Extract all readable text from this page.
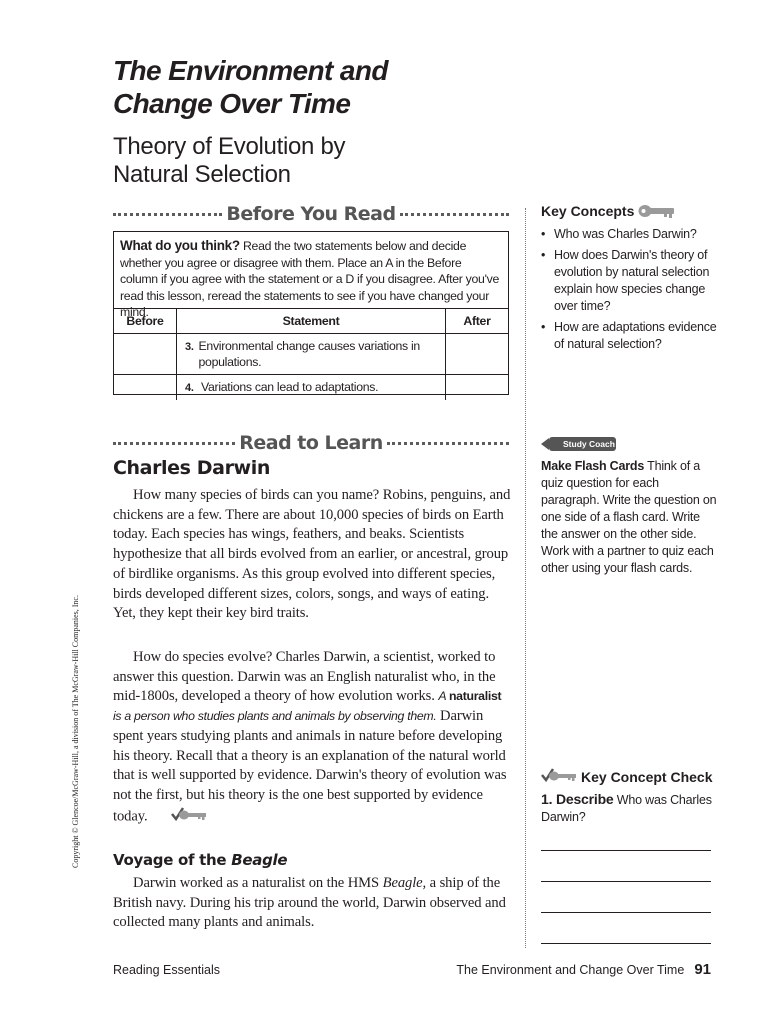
The Environment and
Change Over Time
Theory of Evolution by
Natural Selection
Before You Read
What do you think? Read the two statements below and decide whether you agree or disagree with them. Place an A in the Before column if you agree with the statement or a D if you disagree. After you've read this lesson, reread the statements to see if you have changed your mind.
Before	Statement	After

	3. Environmental change causes variations in populations.	

	4. Variations can lead to adaptations.	

Key Concepts
• Who was Charles Darwin?
• How does Darwin's theory of evolution by natural selection explain how species change over time?
• How are adaptations evidence of natural selection?
Read to Learn
Charles Darwin

How many species of birds can you name? Robins, penguins, and chickens are a few. There are about 10,000 species of birds on Earth today. Each species has wings, feathers, and beaks. Scientists hypothesize that all birds evolved from an earlier, or ancestral, group of birdlike organisms. As this group evolved into different species, birds developed different sizes, colors, songs, and ways of eating. Yet, they kept their key bird traits.

How do species evolve? Charles Darwin, a scientist, worked to answer this question. Darwin was an English naturalist who, in the mid-1800s, developed a theory of how evolution works. A naturalist is a person who studies plants and animals by observing them. Darwin spent years studying plants and animals in nature before developing his theory. Recall that a theory is an explanation of the natural world that is well supported by evidence. Darwin's theory of evolution was not the first, but his theory is the one best supported by evidence today.

Voyage of the Beagle

Darwin worked as a naturalist on the HMS Beagle, a ship of the British navy. During his trip around the world, Darwin observed and collected many plants and animals.

Study Coach
Make Flash Cards Think of a quiz question for each paragraph. Write the question on one side of a flash card. Write the answer on the other side. Work with a partner to quiz each other using your flash cards.
Key Concept Check
1. Describe Who was Charles Darwin?
Copyright © Glencoe/McGraw-Hill, a division of The McGraw-Hill Companies, Inc.
Reading Essentials	The Environment and Change Over Time 91
